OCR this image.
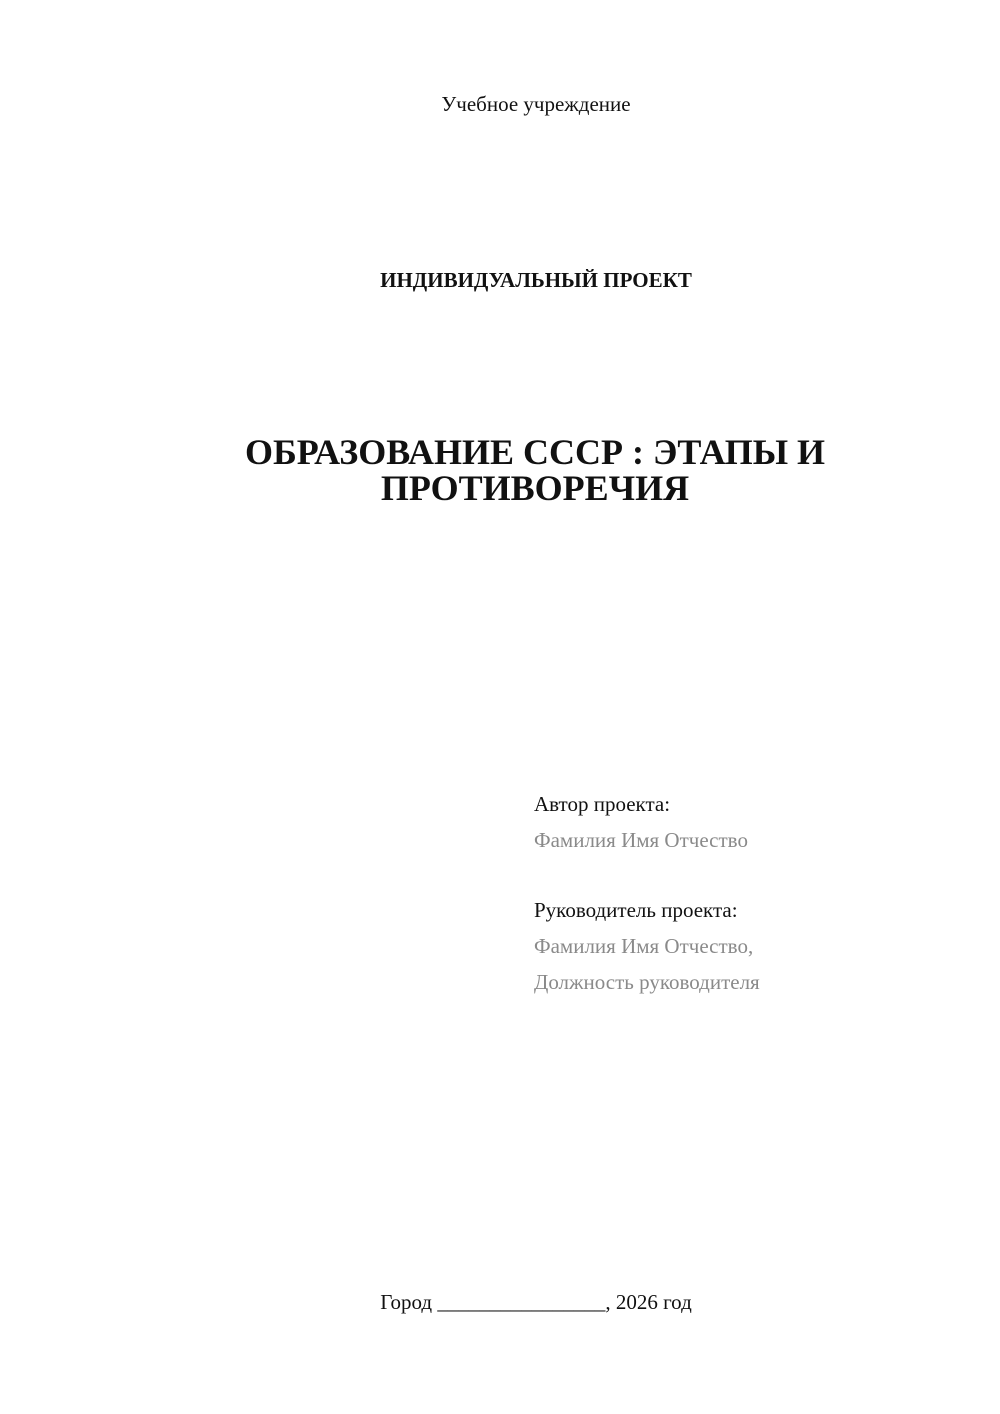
Учебное учреждение
ИНДИВИДУАЛЬНЫЙ ПРОЕКТ
ОБРАЗОВАНИЕ СССР : ЭТАПЫ И
ПРОТИВОРЕЧИЯ
Автор проекта:
Фамилия Имя Отчество
Руководитель проекта:
Фамилия Имя Отчество,
Должность руководителя
Город ________________, 2026 год
